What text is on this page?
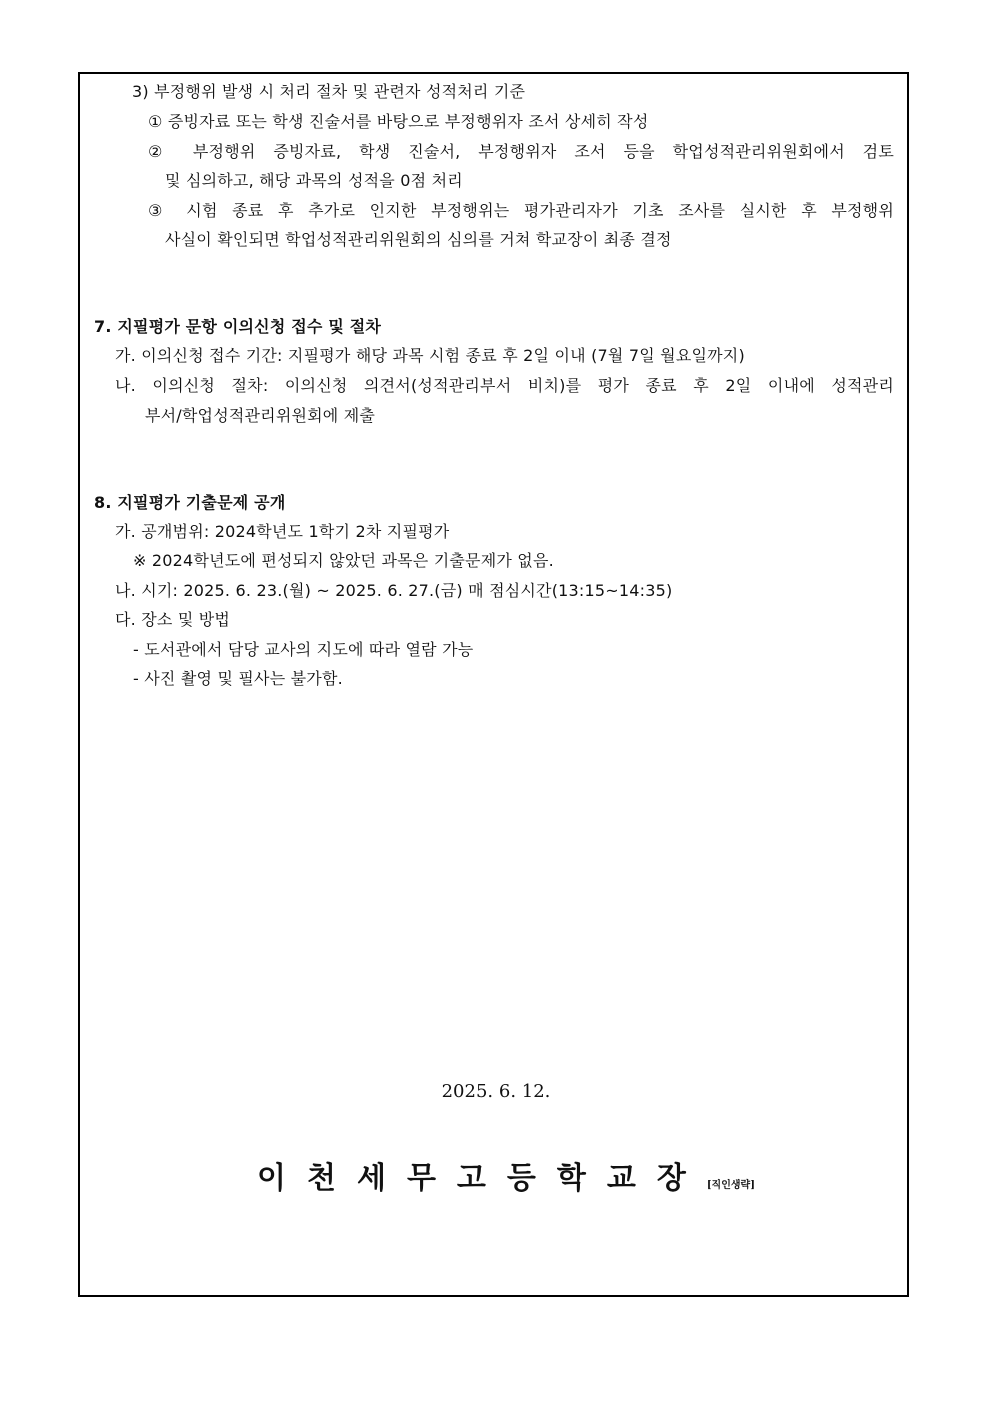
3) 부정행위 발생 시 처리 절차 및 관련자 성적처리 기준
① 증빙자료 또는 학생 진술서를 바탕으로 부정행위자 조서 상세히 작성
② 부정행위 증빙자료, 학생 진술서, 부정행위자 조서 등을 학업성적관리위원회에서 검토
및 심의하고, 해당 과목의 성적을 0점 처리
③ 시험 종료 후 추가로 인지한 부정행위는 평가관리자가 기초 조사를 실시한 후 부정행위
사실이 확인되면 학업성적관리위원회의 심의를 거쳐 학교장이 최종 결정
7. 지필평가 문항 이의신청 접수 및 절차
가. 이의신청 접수 기간: 지필평가 해당 과목 시험 종료 후 2일 이내 (7월 7일 월요일까지)
나. 이의신청 절차: 이의신청 의견서(성적관리부서 비치)를 평가 종료 후 2일 이내에 성적관리
부서/학업성적관리위원회에 제출
8. 지필평가 기출문제 공개
가. 공개범위: 2024학년도 1학기 2차 지필평가
※ 2024학년도에 편성되지 않았던 과목은 기출문제가 없음.
나. 시기: 2025. 6. 23.(월) ~ 2025. 6. 27.(금) 매 점심시간(13:15~14:35)
다. 장소 및 방법
- 도서관에서 담당 교사의 지도에 따라 열람 가능
- 사진 촬영 및 필사는 불가함.
2025. 6. 12.
이천세무고등학교장[직인생략]
